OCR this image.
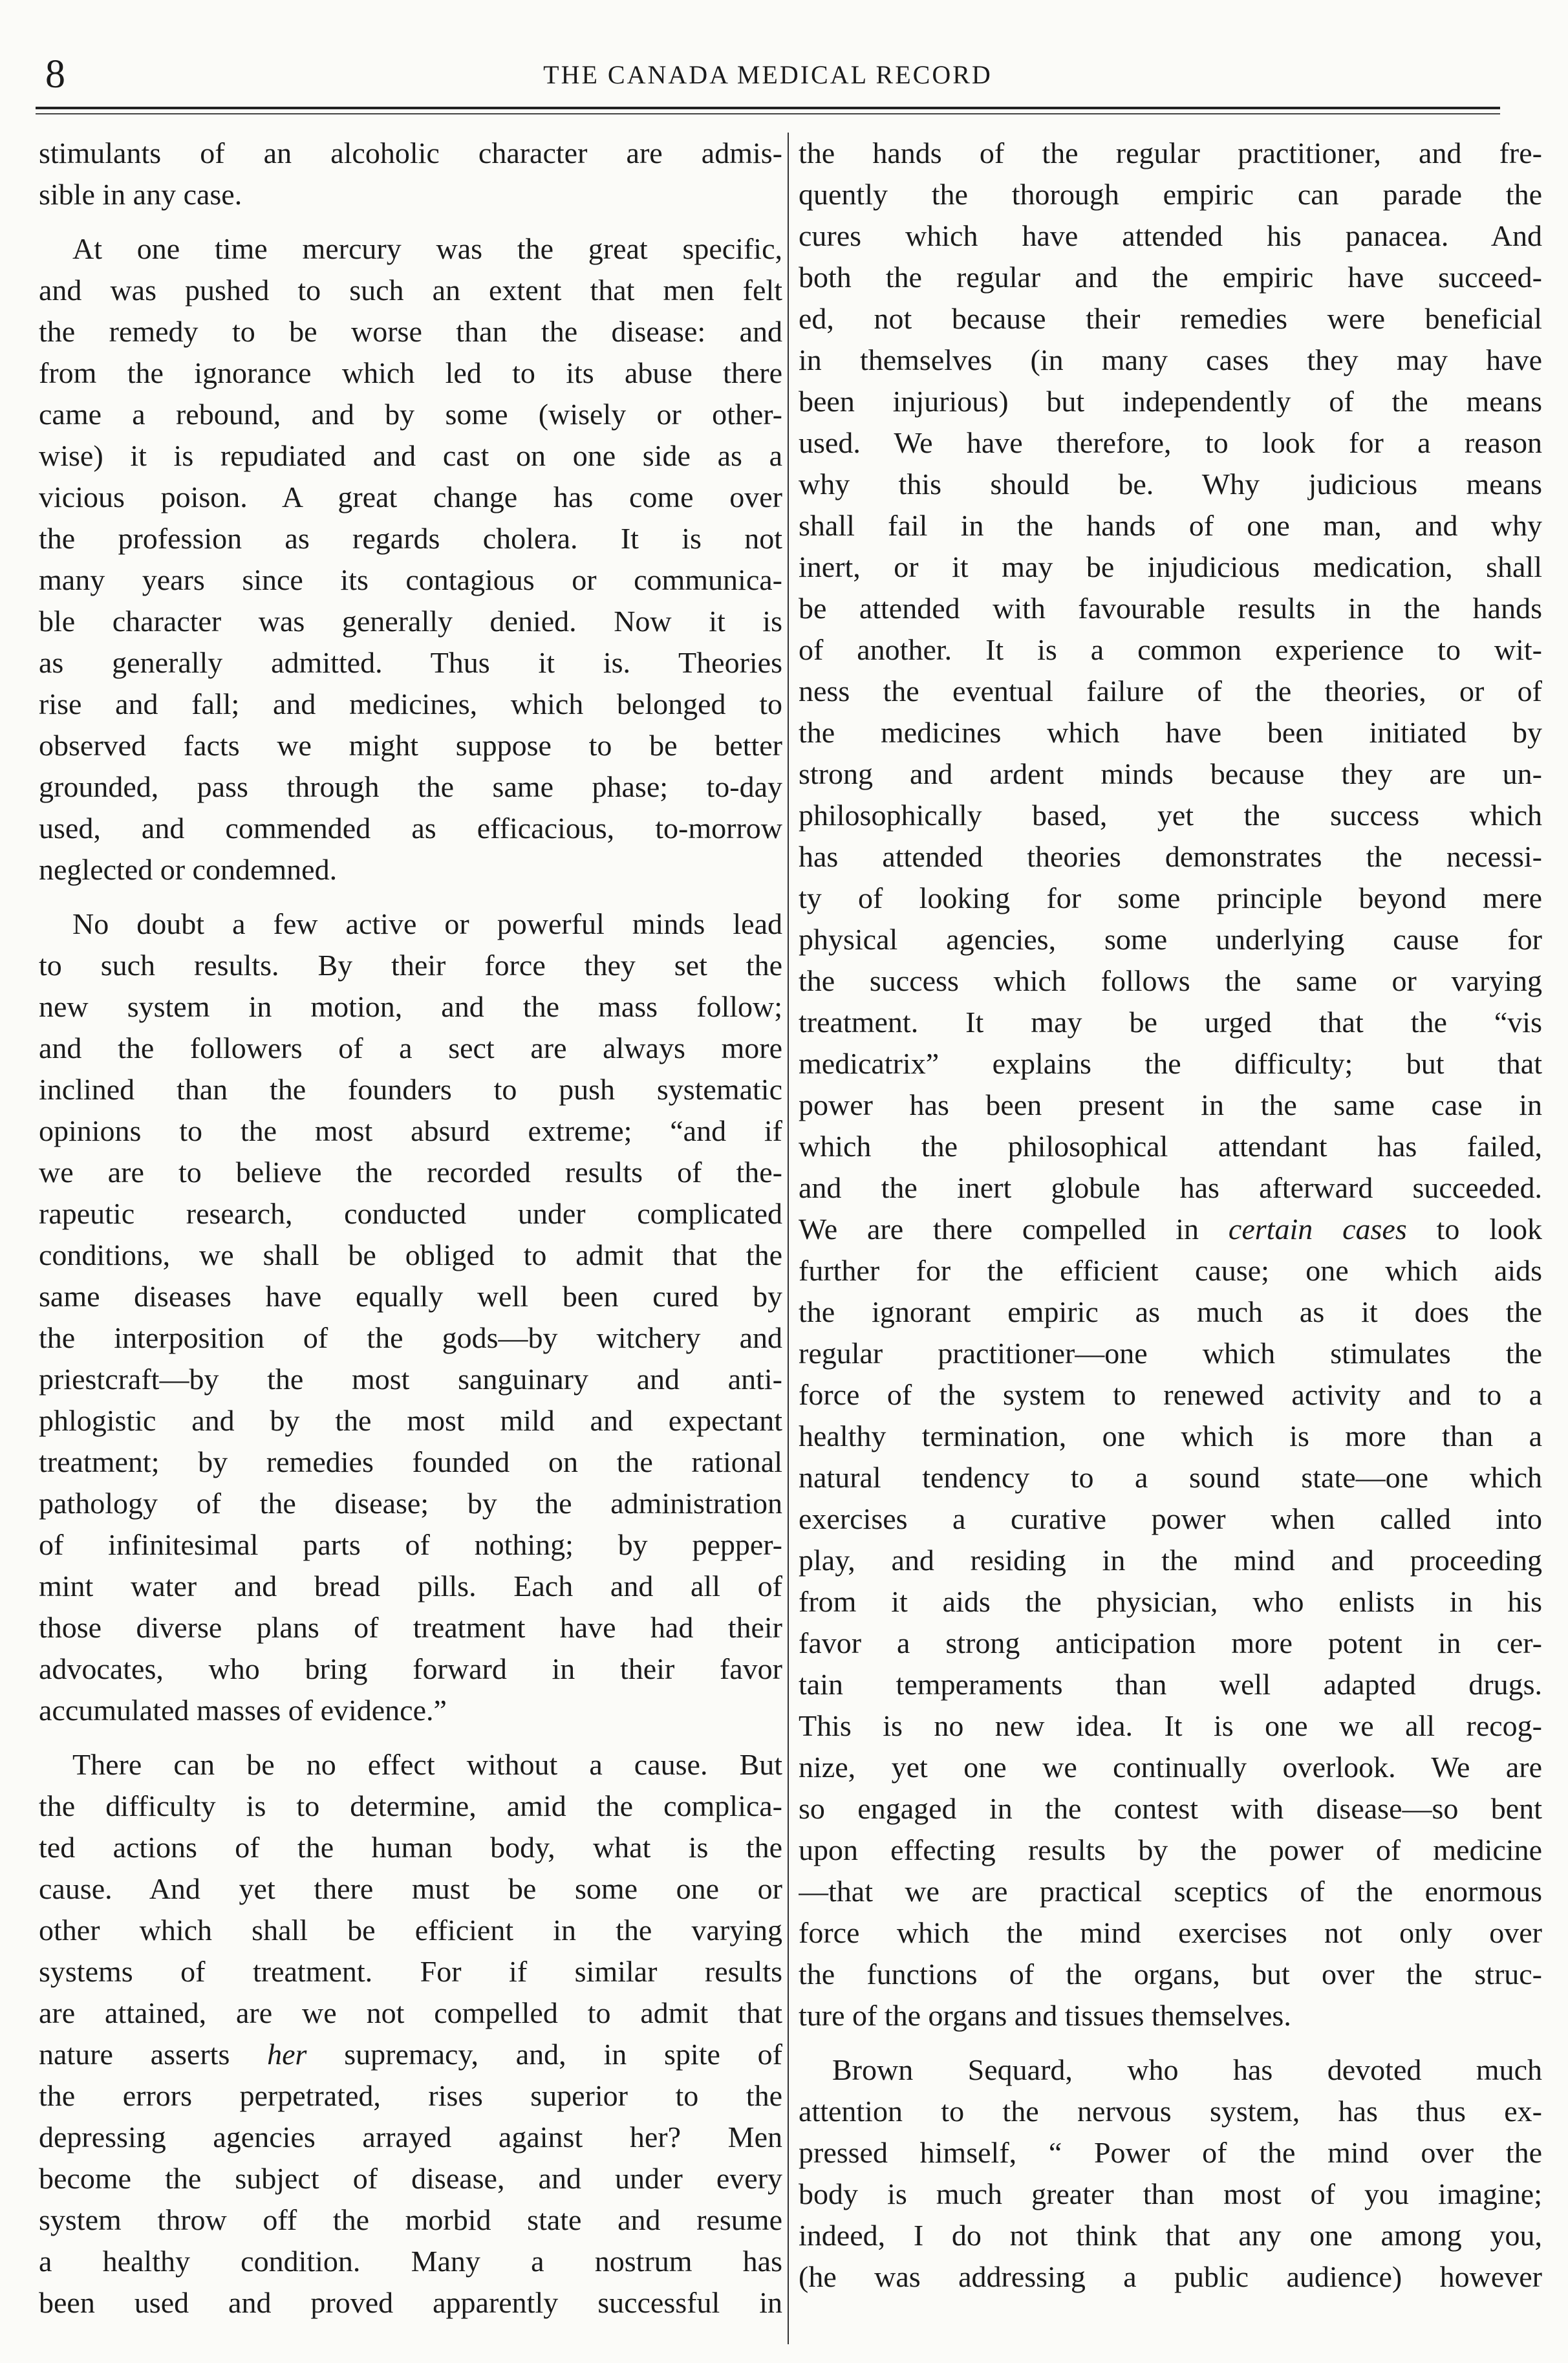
8	THE CANADA MEDICAL RECORD
stimulants of an alcoholic character are admis-
sible in any case.
At one time mercury was the great specific,
and was pushed to such an extent that men felt
the remedy to be worse than the disease: and
from the ignorance which led to its abuse there
came a rebound, and by some (wisely or other-
wise) it is repudiated and cast on one side as a
vicious poison. A great change has come over
the profession as regards cholera. It is not
many years since its contagious or communica-
ble character was generally denied. Now it is
as generally admitted. Thus it is. Theories
rise and fall; and medicines, which belonged to
observed facts we might suppose to be better
grounded, pass through the same phase; to-day
used, and commended as efficacious, to-morrow
neglected or condemned.
No doubt a few active or powerful minds lead
to such results. By their force they set the
new system in motion, and the mass follow;
and the followers of a sect are always more
inclined than the founders to push systematic
opinions to the most absurd extreme; “and if
we are to believe the recorded results of the-
rapeutic research, conducted under complicated
conditions, we shall be obliged to admit that the
same diseases have equally well been cured by
the interposition of the gods—by witchery and
priestcraft—by the most sanguinary and anti-
phlogistic and by the most mild and expectant
treatment; by remedies founded on the rational
pathology of the disease; by the administration
of infinitesimal parts of nothing; by pepper-
mint water and bread pills. Each and all of
those diverse plans of treatment have had their
advocates, who bring forward in their favor
accumulated masses of evidence.”
There can be no effect without a cause. But
the difficulty is to determine, amid the complica-
ted actions of the human body, what is the
cause. And yet there must be some one or
other which shall be efficient in the varying
systems of treatment. For if similar results
are attained, are we not compelled to admit that
nature asserts her supremacy, and, in spite of
the errors perpetrated, rises superior to the
depressing agencies arrayed against her? Men
become the subject of disease, and under every
system throw off the morbid state and resume
a healthy condition. Many a nostrum has
been used and proved apparently successful in
the hands of the regular practitioner, and fre-
quently the thorough empiric can parade the
cures which have attended his panacea. And
both the regular and the empiric have succeed-
ed, not because their remedies were beneficial
in themselves (in many cases they may have
been injurious) but independently of the means
used. We have therefore, to look for a reason
why this should be. Why judicious means
shall fail in the hands of one man, and why
inert, or it may be injudicious medication, shall
be attended with favourable results in the hands
of another. It is a common experience to wit-
ness the eventual failure of the theories, or of
the medicines which have been initiated by
strong and ardent minds because they are un-
philosophically based, yet the success which
has attended theories demonstrates the necessi-
ty of looking for some principle beyond mere
physical agencies, some underlying cause for
the success which follows the same or varying
treatment. It may be urged that the “vis
medicatrix” explains the difficulty; but that
power has been present in the same case in
which the philosophical attendant has failed,
and the inert globule has afterward succeeded.
We are there compelled in certain cases to look
further for the efficient cause; one which aids
the ignorant empiric as much as it does the
regular practitioner—one which stimulates the
force of the system to renewed activity and to a
healthy termination, one which is more than a
natural tendency to a sound state—one which
exercises a curative power when called into
play, and residing in the mind and proceeding
from it aids the physician, who enlists in his
favor a strong anticipation more potent in cer-
tain temperaments than well adapted drugs.
This is no new idea. It is one we all recog-
nize, yet one we continually overlook. We are
so engaged in the contest with disease—so bent
upon effecting results by the power of medicine
—that we are practical sceptics of the enormous
force which the mind exercises not only over
the functions of the organs, but over the struc-
ture of the organs and tissues themselves.
Brown Sequard, who has devoted much
attention to the nervous system, has thus ex-
pressed himself, “ Power of the mind over the
body is much greater than most of you imagine;
indeed, I do not think that any one among you,
(he was addressing a public audience) however
